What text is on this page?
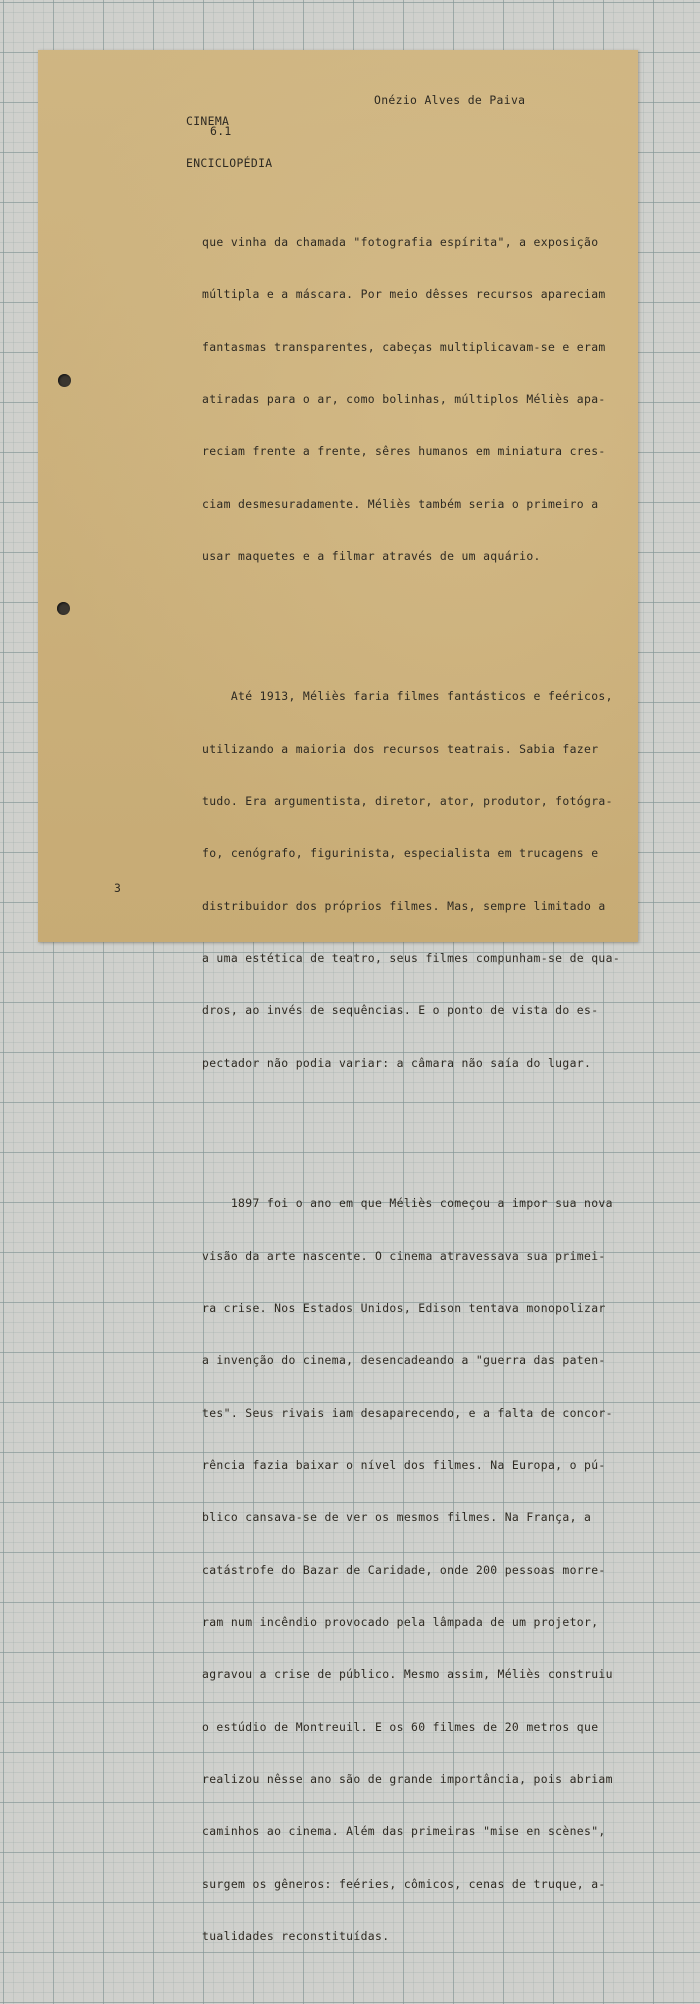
CINEMA

ENCICLOPÉDIA

Onézio Alves de Paiva
6.1

que vinha da chamada "fotografia espírita", a exposição

múltipla e a máscara. Por meio dêsses recursos apareciam

fantasmas transparentes, cabeças multiplicavam-se e eram

atiradas para o ar, como bolinhas, múltiplos Méliès apa-

reciam frente a frente, sêres humanos em miniatura cres-

ciam desmesuradamente. Méliès também seria o primeiro a

usar maquetes e a filmar através de um aquário.

Até 1913, Méliès faria filmes fantásticos e feéricos,

utilizando a maioria dos recursos teatrais. Sabia fazer

tudo. Era argumentista, diretor, ator, produtor, fotógra-

fo, cenógrafo, figurinista, especialista em trucagens e

distribuidor dos próprios filmes. Mas, sempre limitado a

a uma estética de teatro, seus filmes compunham-se de qua-

dros, ao invés de sequências. E o ponto de vista do es-

pectador não podia variar: a câmara não saía do lugar.

1897 foi o ano em que Méliès começou a impor sua nova

visão da arte nascente. O cinema atravessava sua primei-

ra crise. Nos Estados Unidos, Edison tentava monopolizar

a invenção do cinema, desencadeando a "guerra das paten-

tes". Seus rivais iam desaparecendo, e a falta de concor-

rência fazia baixar o nível dos filmes. Na Europa, o pú-

blico cansava-se de ver os mesmos filmes. Na França, a

catástrofe do Bazar de Caridade, onde 200 pessoas morre-

ram num incêndio provocado pela lâmpada de um projetor,

agravou a crise de público. Mesmo assim, Méliès construiu

o estúdio de Montreuil. E os 60 filmes de 20 metros que

realizou nêsse ano são de grande importância, pois abriam

caminhos ao cinema. Além das primeiras "mise en scènes",

surgem os gêneros: feéries, cômicos, cenas de truque, a-

tualidades reconstituídas.

3
